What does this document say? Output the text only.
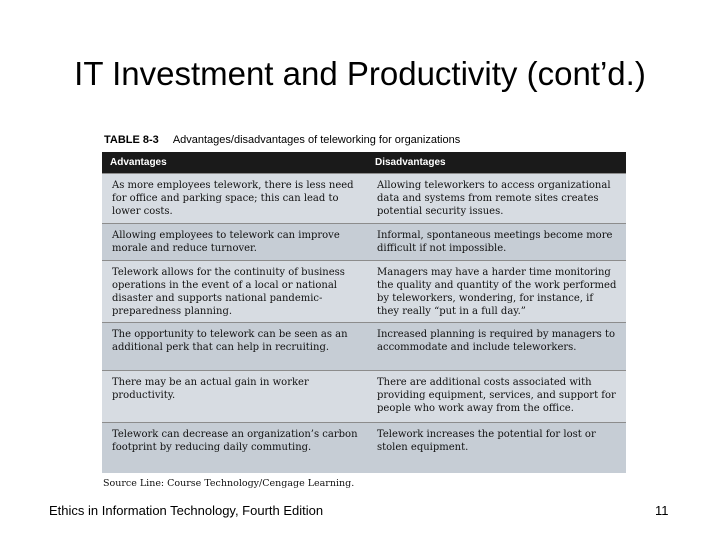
IT Investment and Productivity (cont’d.)
TABLE 8-3 Advantages/disadvantages of teleworking for organizations
Advantages	Disadvantages
As more employees telework, there is less need for office and parking space; this can lead to lower costs.	Allowing teleworkers to access organizational data and systems from remote sites creates potential security issues.
Allowing employees to telework can improve morale and reduce turnover.	Informal, spontaneous meetings become more difficult if not impossible.
Telework allows for the continuity of business operations in the event of a local or national disaster and supports national pandemic-preparedness planning.	Managers may have a harder time monitoring the quality and quantity of the work performed by teleworkers, wondering, for instance, if they really “put in a full day.”
The opportunity to telework can be seen as an additional perk that can help in recruiting.	Increased planning is required by managers to accommodate and include teleworkers.
There may be an actual gain in worker productivity.	There are additional costs associated with providing equipment, services, and support for people who work away from the office.
Telework can decrease an organization’s carbon footprint by reducing daily commuting.	Telework increases the potential for lost or stolen equipment.
Source Line: Course Technology/Cengage Learning.
Ethics in Information Technology, Fourth Edition	11
